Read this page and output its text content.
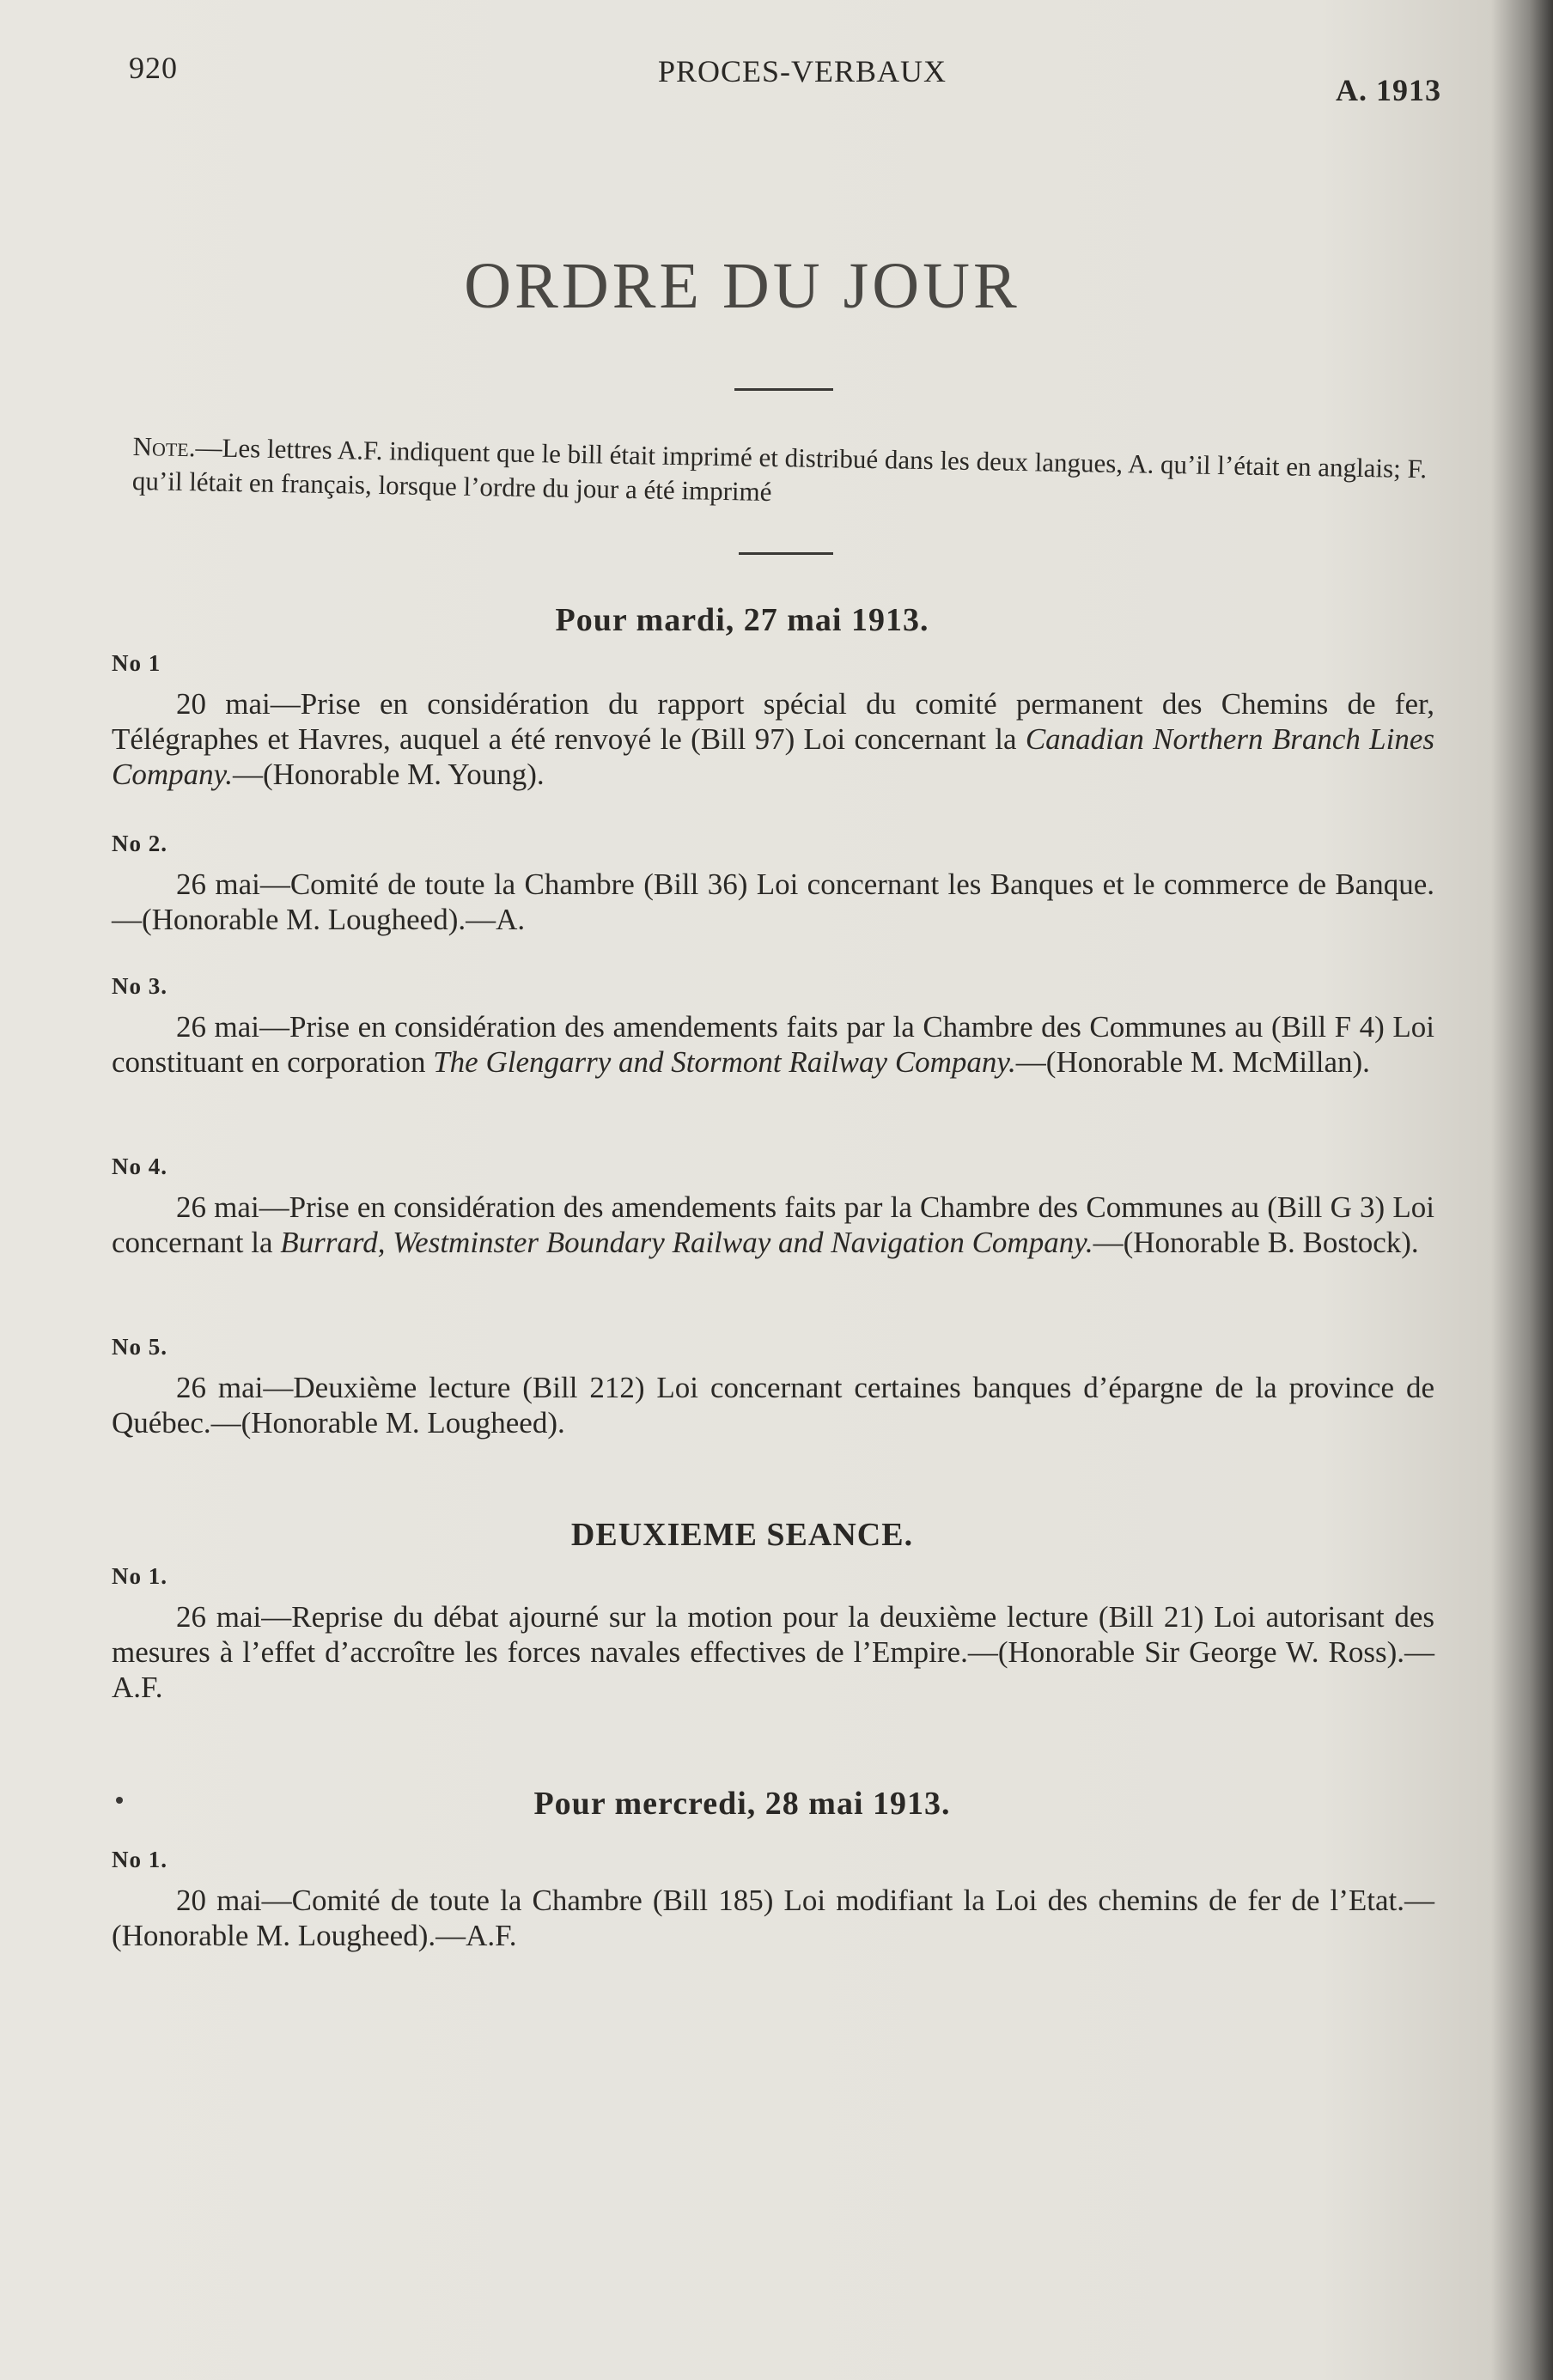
920	PROCES-VERBAUX
A. 1913
ORDRE DU JOUR
Note.—Les lettres A.F. indiquent que le bill était imprimé et distribué dans les deux langues, A. qu’il l’était en anglais; F. qu’il létait en français, lorsque l’ordre du jour a été imprimé
Pour mardi, 27 mai 1913.
No 1
20 mai—Prise en considération du rapport spécial du comité permanent des Chemins de fer, Télégraphes et Havres, auquel a été renvoyé le (Bill 97) Loi concernant la Canadian Northern Branch Lines Company.—(Honorable M. Young).
No 2.
26 mai—Comité de toute la Chambre (Bill 36) Loi concernant les Banques et le commerce de Banque.—(Honorable M. Lougheed).—A.
No 3.
26 mai—Prise en considération des amendements faits par la Chambre des Communes au (Bill F 4) Loi constituant en corporation The Glengarry and Stormont Railway Company.—(Honorable M. McMillan).
No 4.
26 mai—Prise en considération des amendements faits par la Chambre des Communes au (Bill G 3) Loi concernant la Burrard, Westminster Boundary Railway and Navigation Company.—(Honorable B. Bostock).
No 5.
26 mai—Deuxième lecture (Bill 212) Loi concernant certaines banques d’épargne de la province de Québec.—(Honorable M. Lougheed).
DEUXIEME SEANCE.
No 1.
26 mai—Reprise du débat ajourné sur la motion pour la deuxième lecture (Bill 21) Loi autorisant des mesures à l’effet d’accroître les forces navales effectives de l’Empire.—(Honorable Sir George W. Ross).—A.F.
Pour mercredi, 28 mai 1913.
No 1.
20 mai—Comité de toute la Chambre (Bill 185) Loi modifiant la Loi des chemins de fer de l’Etat.—(Honorable M. Lougheed).—A.F.
